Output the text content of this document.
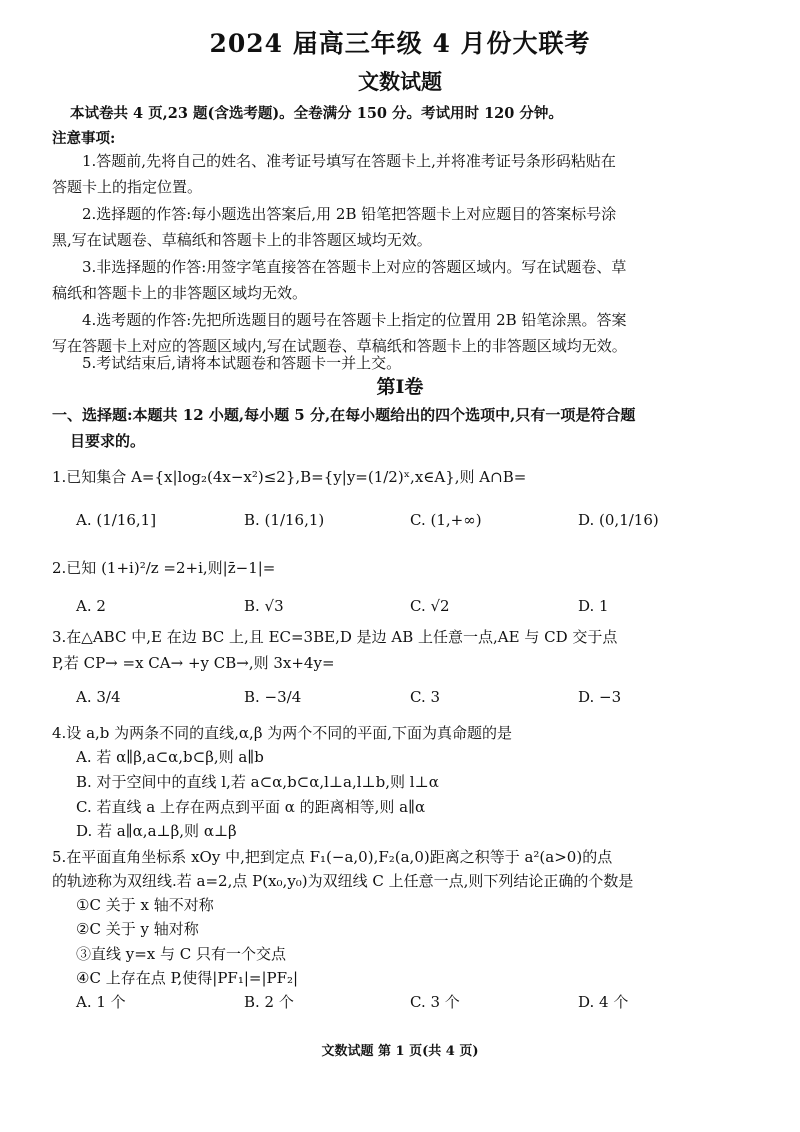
2024 届高三年级 4 月份大联考
文数试题
本试卷共 4 页,23 题(含选考题)。全卷满分 150 分。考试用时 120 分钟。
注意事项:
1.答题前,先将自己的姓名、准考证号填写在答题卡上,并将准考证号条形码粘贴在
答题卡上的指定位置。
2.选择题的作答:每小题选出答案后,用 2B 铅笔把答题卡上对应题目的答案标号涂
黑,写在试题卷、草稿纸和答题卡上的非答题区域均无效。
3.非选择题的作答:用签字笔直接答在答题卡上对应的答题区域内。写在试题卷、草
稿纸和答题卡上的非答题区域均无效。
4.选考题的作答:先把所选题目的题号在答题卡上指定的位置用 2B 铅笔涂黑。答案
写在答题卡上对应的答题区域内,写在试题卷、草稿纸和答题卡上的非答题区域均无效。
5.考试结束后,请将本试题卷和答题卡一并上交。
第Ⅰ卷
一、选择题:本题共 12 小题,每小题 5 分,在每小题给出的四个选项中,只有一项是符合题
目要求的。
1.已知集合 A={x|log₂(4x−x²)≤2},B={y|y=(1/2)ˣ,x∈A},则 A∩B=
A. (1/16,1]	B. (1/16,1)	C. (1,+∞)	D. (0,1/16)
2.已知 (1+i)²/z =2+i,则|z̄−1|=
A. 2	B. √3	C. √2	D. 1
3.在△ABC 中,E 在边 BC 上,且 EC=3BE,D 是边 AB 上任意一点,AE 与 CD 交于点
P,若 CP→ =x CA→ +y CB→,则 3x+4y=
A. 3/4	B. −3/4	C. 3	D. −3
4.设 a,b 为两条不同的直线,α,β 为两个不同的平面,下面为真命题的是
A. 若 α∥β,a⊂α,b⊂β,则 a∥b
B. 对于空间中的直线 l,若 a⊂α,b⊂α,l⊥a,l⊥b,则 l⊥α
C. 若直线 a 上存在两点到平面 α 的距离相等,则 a∥α
D. 若 a∥α,a⊥β,则 α⊥β
5.在平面直角坐标系 xOy 中,把到定点 F₁(−a,0),F₂(a,0)距离之积等于 a²(a>0)的点
的轨迹称为双纽线.若 a=2,点 P(x₀,y₀)为双纽线 C 上任意一点,则下列结论正确的个数是
①C 关于 x 轴不对称
②C 关于 y 轴对称
③直线 y=x 与 C 只有一个交点
④C 上存在点 P,使得|PF₁|=|PF₂|
A. 1 个	B. 2 个	C. 3 个	D. 4 个
文数试题 第 1 页(共 4 页)
